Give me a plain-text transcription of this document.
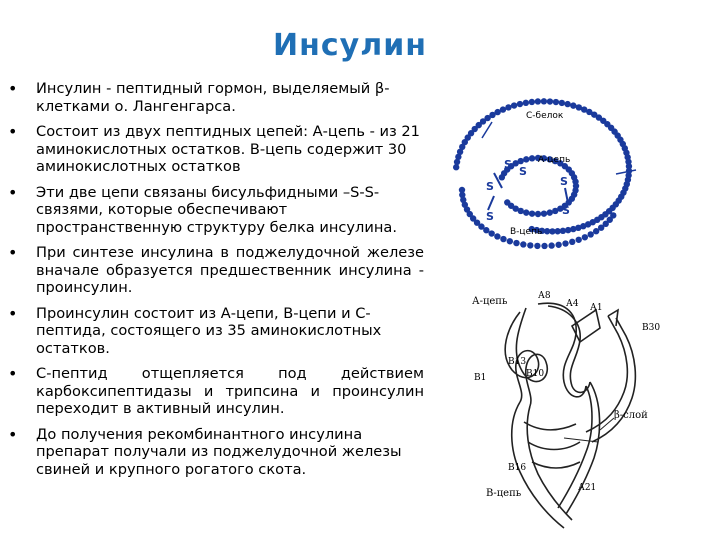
Инсулин
• Инсулин - пептидный гормон, выделяемый β-клетками о. Лангенгарса.
• Состоит из двух пептидных цепей: А-цепь - из 21 аминокислотных остатков. В-цепь содержит 30 аминокислотных остатков
• Эти две цепи связаны бисульфидными –S-S- связями, которые обеспечивают пространственную структуру белка инсулина.
• При синтезе инсулина в поджелудочной железе вначале образуется предшественник инсулина - проинсулин.
• Проинсулин состоит из А-цепи, В-цепи и С-пептида, состоящего из 35 аминокислотных остатков.
• С-пептид отщепляется под действием карбоксипептидазы и трипсина и проинсулин переходит в активный инсулин.
• До получения рекомбинантного инсулина препарат получали из поджелудочной железы свиней и крупного рогатого скота.
С-белок
А-цепь
В-цепь
S
S
S
S
S
S
А-цепь	А8
А4 А1
В30
В1
В13
В10
β-слой
В16
В-цепь	А21
